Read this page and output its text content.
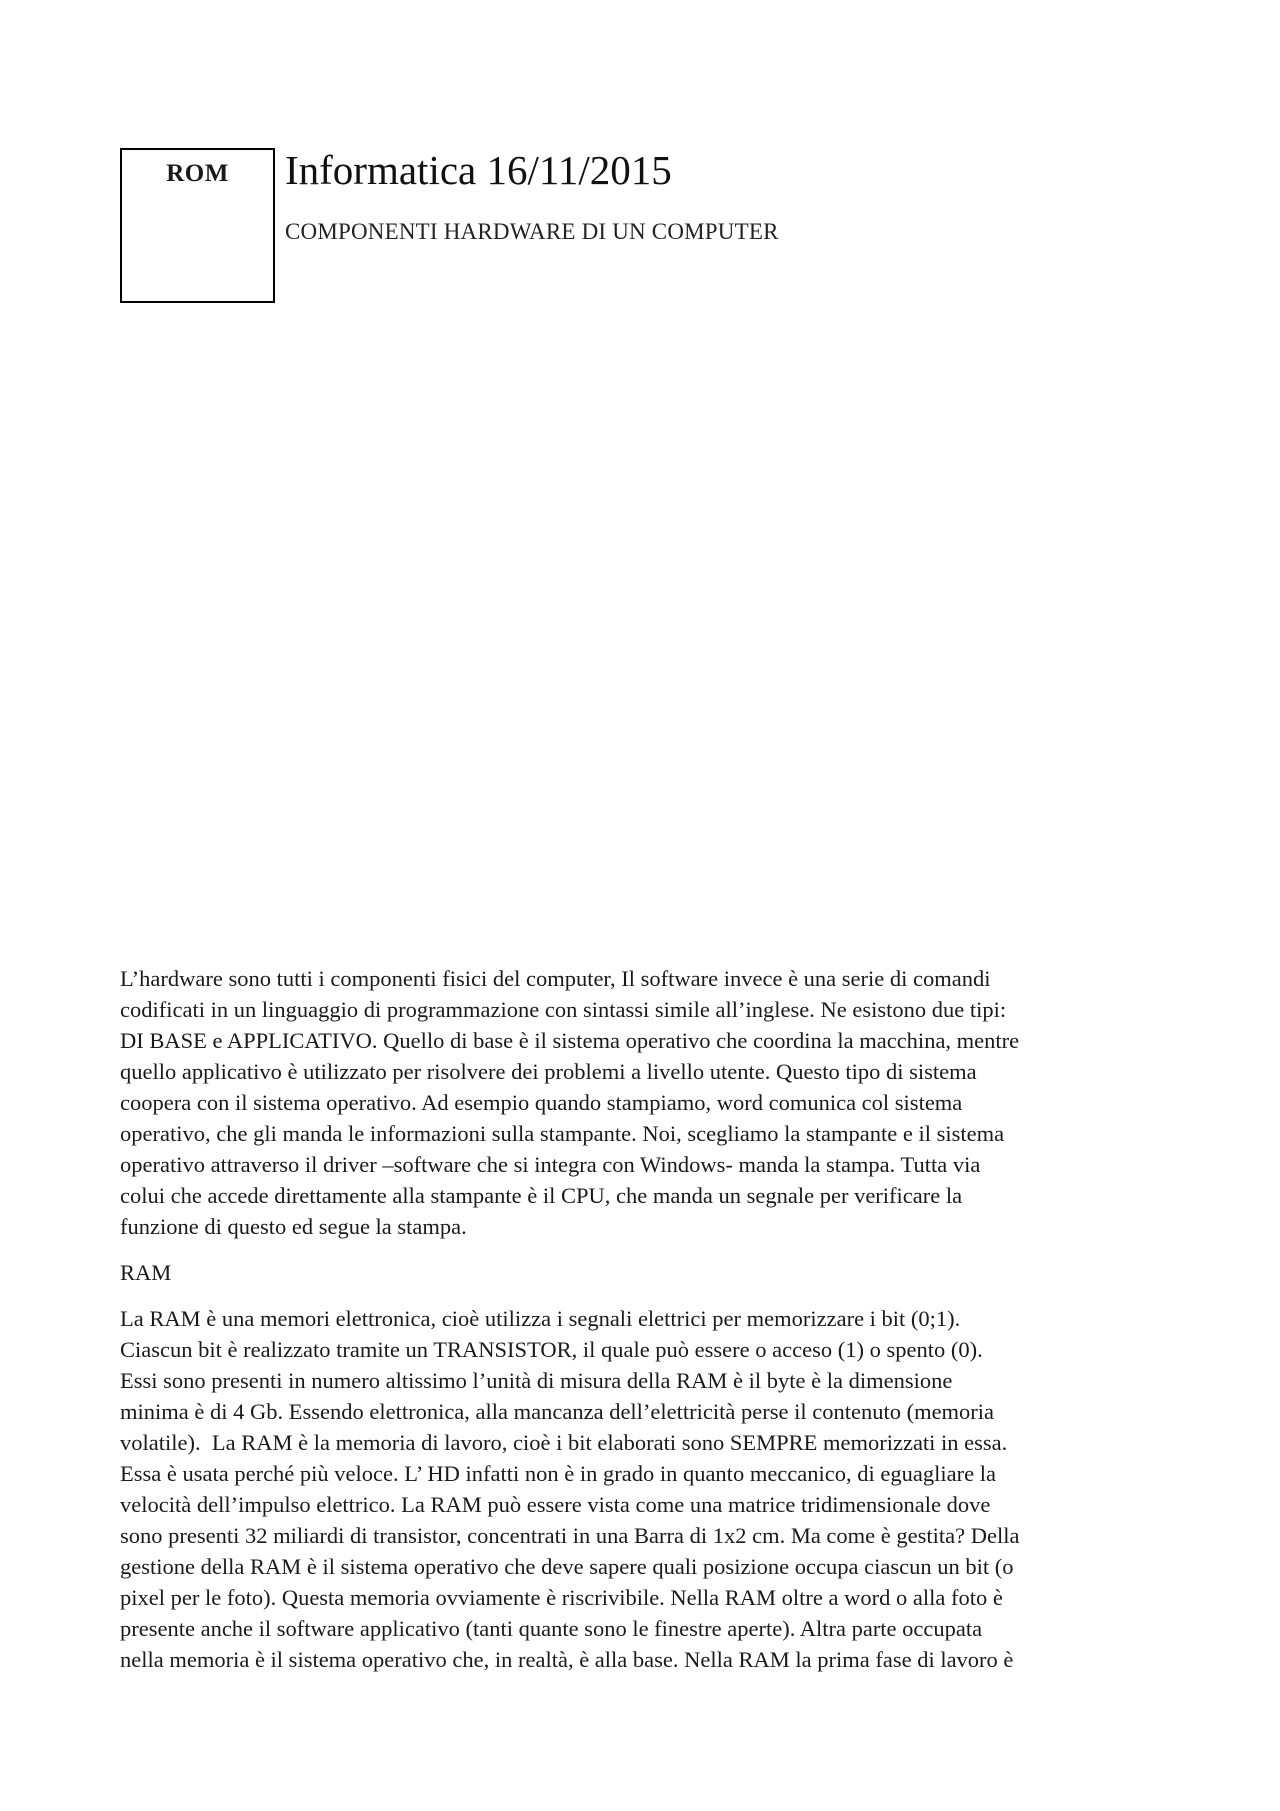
ROM	Informatica 16/11/2015
COMPONENTI HARDWARE DI UN COMPUTER
L’hardware sono tutti i componenti fisici del computer, Il software invece è una serie di comandi
codificati in un linguaggio di programmazione con sintassi simile all’inglese. Ne esistono due tipi:
DI BASE e APPLICATIVO. Quello di base è il sistema operativo che coordina la macchina, mentre
quello applicativo è utilizzato per risolvere dei problemi a livello utente. Questo tipo di sistema
coopera con il sistema operativo. Ad esempio quando stampiamo, word comunica col sistema
operativo, che gli manda le informazioni sulla stampante. Noi, scegliamo la stampante e il sistema
operativo attraverso il driver –software che si integra con Windows- manda la stampa. Tutta via
colui che accede direttamente alla stampante è il CPU, che manda un segnale per verificare la
funzione di questo ed segue la stampa.
RAM
La RAM è una memori elettronica, cioè utilizza i segnali elettrici per memorizzare i bit (0;1).
Ciascun bit è realizzato tramite un TRANSISTOR, il quale può essere o acceso (1) o spento (0).
Essi sono presenti in numero altissimo l’unità di misura della RAM è il byte è la dimensione
minima è di 4 Gb. Essendo elettronica, alla mancanza dell’elettricità perse il contenuto (memoria
volatile).  La RAM è la memoria di lavoro, cioè i bit elaborati sono SEMPRE memorizzati in essa.
Essa è usata perché più veloce. L’ HD infatti non è in grado in quanto meccanico, di eguagliare la
velocità dell’impulso elettrico. La RAM può essere vista come una matrice tridimensionale dove
sono presenti 32 miliardi di transistor, concentrati in una Barra di 1x2 cm. Ma come è gestita? Della
gestione della RAM è il sistema operativo che deve sapere quali posizione occupa ciascun un bit (o
pixel per le foto). Questa memoria ovviamente è riscrivibile. Nella RAM oltre a word o alla foto è
presente anche il software applicativo (tanti quante sono le finestre aperte). Altra parte occupata
nella memoria è il sistema operativo che, in realtà, è alla base. Nella RAM la prima fase di lavoro è
